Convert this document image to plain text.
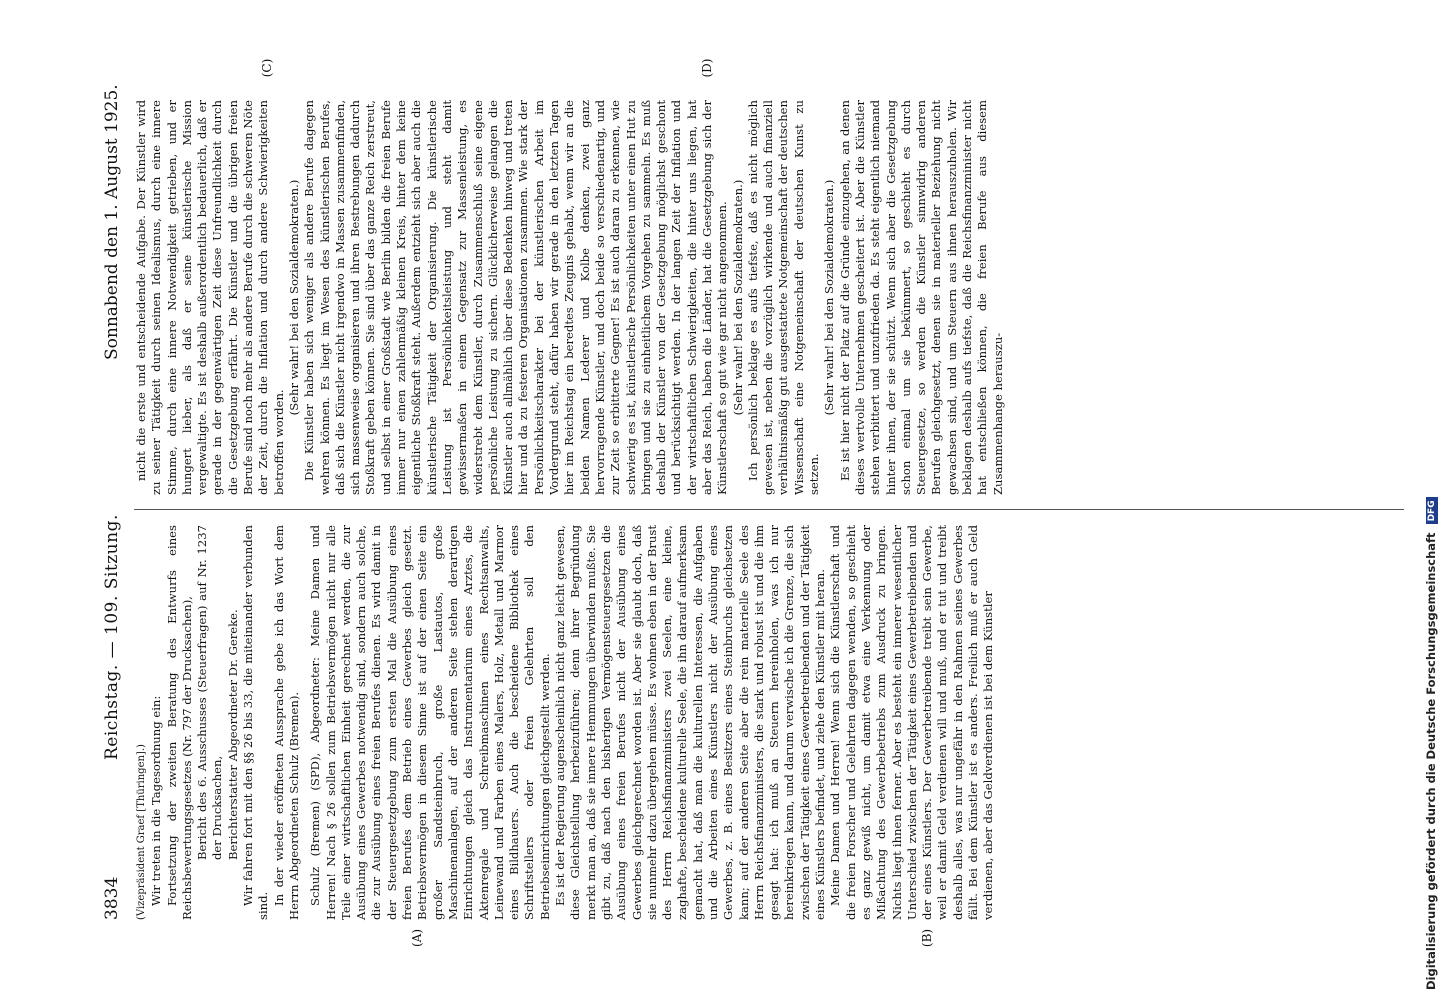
3834
Reichstag. — 109. Sitzung.
Sonnabend den 1. August 1925.

(Vizepräsident Graef [Thüringen].) Wir treten in die Tagesordnung ein: Fortsetzung der zweiten Beratung des Entwurfs eines Reichsbewertungsgesetzes (Nr. 797 der Drucksachen), Bericht des 6. Ausschusses (Steuerfragen) auf Nr. 1237 der Drucksachen, Berichterstatter Abgeordneter Dr. Gereke. Wir fahren fort mit den §§ 26 bis 33, die miteinander verbunden sind. In der wieder eröffneten Aussprache gebe ich das Wort dem Herrn Abgeordneten Schulz (Bremen). Schulz (Bremen) (SPD), Abgeordneter: Meine Damen und Herren! Nach § 26 sollen zum Betriebsvermögen nicht nur alle Teile einer wirtschaftlichen Einheit gerechnet werden, die zur Ausübung eines Gewerbes notwendig sind, sondern auch solche, die zur Ausübung eines freien Berufes dienen. Es wird damit in der Steuergesetzgebung zum ersten Mal die Ausübung eines freien Berufes dem Betrieb eines Gewerbes gleich gesetzt. Betriebsvermögen in diesem Sinne ist auf der einen Seite ein großer Sandsteinbruch, große Lastautos, große Maschinenanlagen, auf der anderen Seite stehen derartigen Einrichtungen gleich das Instrumentarium eines Arztes, die Aktenregale und Schreibmaschinen eines Rechtsanwalts, Leinewand und Farben eines Malers, Holz, Metall und Marmor eines Bildhauers. Auch die bescheidene Bibliothek eines Schriftstellers oder freien Gelehrten soll den Betriebseinrichtungen gleichgestellt werden. Es ist der Regierung augenscheinlich nicht ganz leicht gewesen, diese Gleichstellung herbeizuführen; denn ihrer Begründung merkt man an, daß sie innere Hemmungen überwinden mußte. Sie gibt zu, daß nach den bisherigen Vermögensteuergesetzen die Ausübung eines freien Berufes nicht der Ausübung eines Gewerbes gleichgerechnet worden ist. Aber sie glaubt doch, daß sie nunmehr dazu übergehen müsse. Es wohnen eben in der Brust des Herrn Reichsfinanzministers zwei Seelen, eine kleine, zaghafte, bescheidene kulturelle Seele, die ihn darauf aufmerksam gemacht hat, daß man die kulturellen Interessen, die Aufgaben und die Arbeiten eines Künstlers nicht der Ausübung eines Gewerbes, z. B. eines Besitzers eines Steinbruchs gleichsetzen kann; auf der anderen Seite aber die rein materielle Seele des Herrn Reichsfinanzministers, die stark und robust ist und die ihm gesagt hat: ich muß an Steuern hereinholen, was ich nur hereinkriegen kann, und darum verwische ich die Grenze, die sich zwischen der Tätigkeit eines Gewerbetreibenden und der Tätigkeit eines Künstlers befindet, und ziehe den Künstler mit heran. Meine Damen und Herren! Wenn sich die Künstlerschaft und die freien Forscher und Gelehrten dagegen wenden, so geschieht es ganz gewiß nicht, um damit etwa eine Verkennung oder Mißachtung des Gewerbebetriebs zum Ausdruck zu bringen. Nichts liegt ihnen ferner. Aber es besteht ein innerer wesentlicher Unterschied zwischen der Tätigkeit eines Gewerbetreibenden und der eines Künstlers. Der Gewerbetreibende treibt sein Gewerbe, weil er damit Geld verdienen will und muß, und er tut und treibt deshalb alles, was nur ungefähr in den Rahmen seines Gewerbes fällt. Bei dem Künstler ist es anders. Freilich muß er auch Geld verdienen, aber das Geldverdienen ist bei dem Künstler

nicht die erste und entscheidende Aufgabe. Der Künstler wird zu seiner Tätigkeit durch seinen Idealismus, durch eine innere Stimme, durch eine innere Notwendigkeit getrieben, und er hungert lieber, als daß er seine künstlerische Mission vergewaltigte. Es ist deshalb außerordentlich bedauerlich, daß er gerade in der gegenwärtigen Zeit diese Unfreundlichkeit durch die Gesetzgebung erfährt. Die Künstler und die übrigen freien Berufe sind noch mehr als andere Berufe durch die schweren Nöte der Zeit, durch die Inflation und durch andere Schwierigkeiten betroffen worden.

(Sehr wahr! bei den Sozialdemokraten.) Die Künstler haben sich weniger als andere Berufe dagegen wehren können. Es liegt im Wesen des künstlerischen Berufes, daß sich die Künstler nicht irgendwo in Massen zusammenfinden, sich massenweise organisieren und ihren Bestrebungen dadurch Stoßkraft geben können. Sie sind über das ganze Reich zerstreut, und selbst in einer Großstadt wie Berlin bilden die freien Berufe immer nur einen zahlenmäßig kleinen Kreis, hinter dem keine eigentliche Stoßkraft steht. Außerdem entzieht sich aber auch die künstlerische Tätigkeit der Organisierung. Die künstlerische Leistung ist Persönlichkeitsleistung und steht damit gewissermaßen in einem Gegensatz zur Massenleistung, es widerstrebt dem Künstler, durch Zusammenschluß seine eigene persönliche Leistung zu sichern. Glücklicherweise gelangen die Künstler auch allmählich über diese Bedenken hinweg und treten hier und da zu festeren Organisationen zusammen. Wie stark der Persönlichkeitscharakter bei der künstlerischen Arbeit im Vordergrund steht, dafür haben wir gerade in den letzten Tagen hier im Reichstag ein beredtes Zeugnis gehabt, wenn wir an die beiden Namen Lederer und Kolbe denken, zwei ganz hervorragende Künstler, und doch beide so verschiedenartig, und zur Zeit so erbitterte Gegner! Es ist auch daran zu erkennen, wie schwierig es ist, künstlerische Persönlichkeiten unter einen Hut zu bringen und sie zu einheitlichem Vorgehen zu sammeln. Es muß deshalb der Künstler von der Gesetzgebung möglichst geschont und berücksichtigt werden. In der langen Zeit der Inflation und der wirtschaftlichen Schwierigkeiten, die hinter uns liegen, hat aber das Reich, haben die Länder, hat die Gesetzgebung sich der Künstlerschaft so gut wie gar nicht angenommen. (Sehr wahr! bei den Sozialdemokraten.) Ich persönlich beklage es aufs tiefste, daß es nicht möglich gewesen ist, neben die vorzüglich wirkende und auch finanziell verhältnismäßig gut ausgestattete Notgemeinschaft der deutschen Wissenschaft eine Notgemeinschaft der deutschen Kunst zu setzen.

(Sehr wahr! bei den Sozialdemokraten.) Es ist hier nicht der Platz auf die Gründe einzugehen, an denen dieses wertvolle Unternehmen gescheitert ist. Aber die Künstler stehen verbittert und unzufrieden da. Es steht eigentlich niemand hinter ihnen, der sie schützt. Wenn sich aber die Gesetzgebung schon einmal um sie bekümmert, so geschieht es durch Steuergesetze, so werden die Künstler sinnwidrig anderen Berufen gleichgesetzt, denen sie in materieller Beziehung nicht gewachsen sind, und um Steuern aus ihnen herauszuholen. Wir beklagen deshalb aufs tiefste, daß die Reichsfinanzminister nicht hat entschließen können, die freien Berufe aus diesem Zusammenhange herauszu-

(A)	(B)
(C)	(D)
Digitalisierung gefördert durch die Deutsche Forschungsgemeinschaft DFG
